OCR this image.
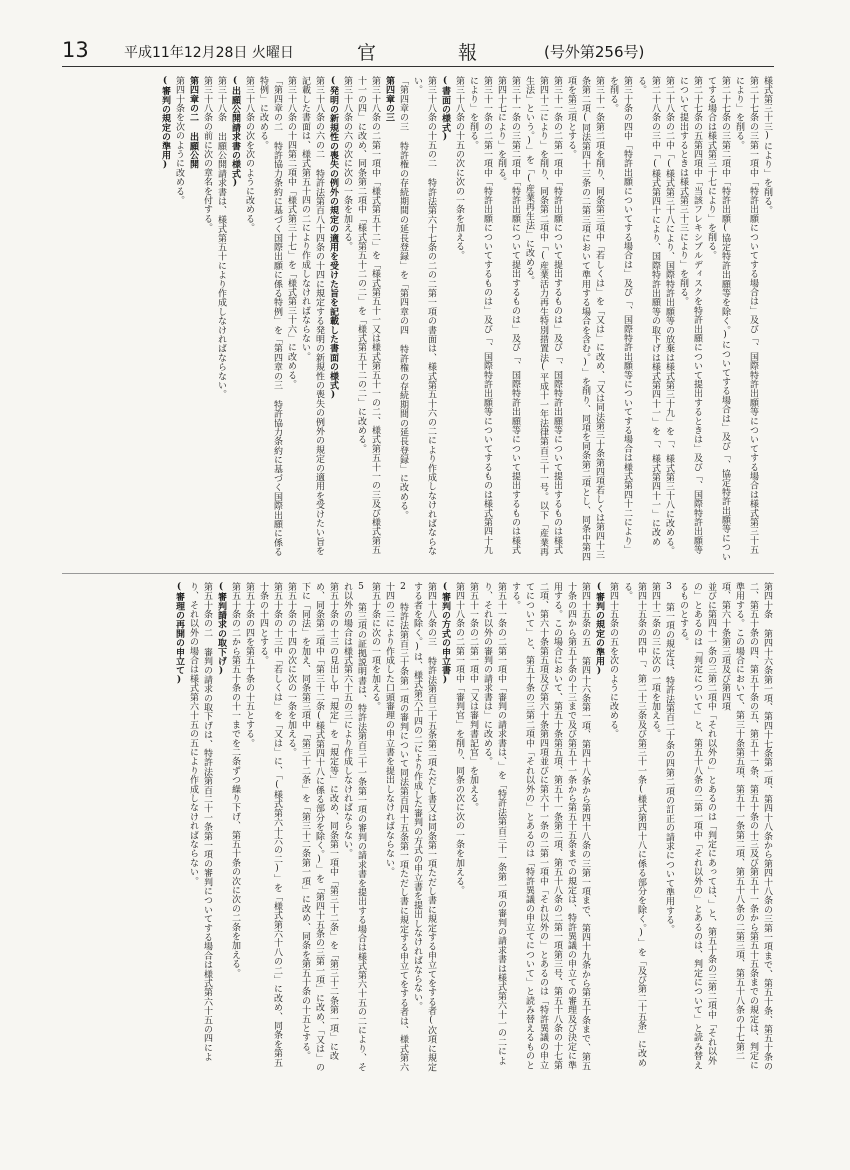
13	平成11年12月28日 火曜日	官 報 (号外第256号)

様式第三十三)により」を削る。

第二十七条の三第一項中「特許出願についてする場合は」及び「、国際特許出願等についてする場合は様式第三十五により」を削る。

第二十七条の三第二項中「特許出願(協定特許出願等を除く。)についてする場合は」及び「、協定特許出願等についてする場合は様式第三十七により」を削る。

第二十七条の五第四項中「当該フレキシブルディスクを特許出願について提出するときは」及び「、国際特許出願等について提出するときは様式第三十三により」を削る。

第二十八条の二中「(様式第三十八により、国際特許出願等の放棄は様式第三十九」を「、様式第三十八に改める。

第二十八条の三中「(様式第四十により、国際特許出願等の取下げは様式第四十一」を「、様式第四十一」に改める。

第三十条の四中「特許出願についてする場合は」及び「、国際特許出願等についてする場合は様式第四十二により」を削る。

第三十一条第二項を削り、同条第三項中「若しくは」を「又は」に改め、「又は同法第三十条第四項若しくは第四十三条第二項(同法第四十三条の二第三項において準用する場合を含む。)」を削り、同項を同条第二項とし、同条中第四項を第三項とする。

第三十一条の二第一項中「特許出願について提出するものは」及び「、国際特許出願等について提出するものは様式第四十二により」を削り、同条第二項中「(産業活力再生特別措置法(平成十一年法律第百三十一号。以下「産業再生法」という。)」を「(産業再生法」に改める。

第三十一条の三第二項中「特許出願について提出するものは」及び「、国際特許出願等について提出するものは様式第四十七により」を削る。

第三十一条の二第一項中「特許出願についてするものは」及び「、国際特許出願等についてするものは様式第四十九により」を削る。

第三十八条の十五の次に次の一条を加える。

(書面の様式)

第三十八条の十五の二 特許法第六十七条の二の二第一項の書面は、様式第五十六の二により作成しなければならない。

「第四章の三 特許権の存続期間の延長登録」を「第四章の四 特許権の存続期間の延長登録」に改める。

第四章の三

第三十八条の二第一項中「様式第五十二」を「様式第五十一又は様式第五十一の二、様式第五十一の三及び様式第五十一の四」に改め、同条第二項中「様式第五十二の二」を「様式第五十二の二」に改める。

第三十八条の六の次に次の一条を加える。

(発明の新規性の喪失の例外の規定の適用を受けた旨を記載した書面の様式)

第三十八条の六の二 特許法第百八十四条の十四に規定する発明の新規性の喪失の例外の規定の適用を受けたい旨を記載した書面は、様式第五十四の二により作成しなければならない。

第三十八条の十四第二項中「様式第三十七」を「様式第三十六」に改める。

「第四章の二 特許協力条約に基づく国際出願に係る特例」を「第四章の三 特許協力条約に基づく国際出願に係る特例」に改める。

第三十八条の次を次のように改める。

(出願公開請求書の様式)

第三十八条 出願公開請求書は、様式第五十により作成しなければならない。

第三十八条の前に次の章名を付する。

第四章の二 出願公開

第四十条を次のように改める。

(審判の規定の準用)

第四十条 第四十六条第一項、第四十七条第一項、第四十八条から第四十八条の三第一項まで、第五十条、第五十条の二、第五十条の四、第五十条の五、第五十一条、第五十条の十三及び第五十一条から第五十五条までの規定は、判定に準用する。この場合において、第三十条第五項、第五十一条第二項、第五十八条の二第三項、第五十八条の十七第二項、第六十条第三項及び第四項

並びに第四十一条の三第二項中「それ以外の」とあるのは「判定にあっては、」と、第五十条の三第二項中「それ以外の」とあるのは「判定について」と、第五十八条の二第一項中「それ以外の」とあるのは、判定について」と読み替えるものとする。

3 第一項の規定は、特許法第百二十条の四第二項の訂正の請求について準用する。

第四十二条の三に次の一項を加える。

第四十五条の四中「、第二十三条及び第三十一条(様式第四十八に係る部分を除く。)」を「及び第二十五条」に改める。

第四十五条の五を次のように改める。

(審判の規定の準用)

第四十五条の五 第四十六条第一項、第四十八条から第四十八条の三第一項まで、第四十九条から第五十条まで、第五十条の四から第五十条の十三まで及び第五十一条から第五十五条までの規定は、特許異議の申立ての審理及び決定に準用する。この場合において、第五十条第五項、第五十一条第二項、第五十八条の二第一項第三号、第五十八条の十七第二項、第六十条第五項及び第六十条第四項並びに第六十一条の二第一項中「それ以外の」とあるのは「特許異議の申立てについて」と、第五十条の三第二項中「それ以外の」とあるのは「特許異議の申立てについて」と読み替えるものとする。

第五十一条の二第一項中「審判の請求書は、」を「特許法第百三十一条第一項の審判の請求書は様式第六十一の二により、それ以外の審判の請求書は」に改める。

第五十一条の二第一項中「又は審判書記官」を加える。

第四十八条の二第一項中「審判官」を削り、同条の次に次の一条を加える。

(審判の方式の申立書)

第四十八条の三 特許法第百三十五条第二項ただし書又は同条第一項ただし書に規定する申立てをする者(次項に規定する者を除く。)は、様式第六十四の二により作成した審判の方式の申立書を提出しなければならない。

2 特許法第百三十条第一項の審判について同法第百四十五条第一項ただし書に規定する申立てをする者は、様式第六十四の二により作成した口頭審理の申立書を提出しなければならない。

第五十条に次の一項を加える。

5 第三項の証拠説明書は、特許法第百三十一条第一項の審判の請求書を提出する場合は様式第六十五の二により、それ以外の場合は様式第六十五の三により作成しなければならない。

第五十条の十三の見出し中「規定」を「規定等」に改め、同条第一項中「第三十二条」を「第三十二条第一項」に改め、同条第二項中「第三十二条(様式第四十八に係る部分を除く。)」を「第四十五条の三第一項」に改め、「又は」の下に「同法」を加え、同条第三項中「第三十二条」を「第三十二条第一項」に改め、同条を第五十条の十五とする。

第五十条の十四の次に次の一条を加える。

第五十条の十三中「若しくは」を「又は」に、「(様式第六十六の二)」を「様式第六十八の二」に改め、同条を第五十条の十四とする。

第五十条の四を第五十条の十五とする。

第五十条の二から第五十条の十一までを二条ずつ繰り下げ、第五十条の次に次の二条を加える。

(審判請求の取下げ)

第五十条の二 審判の請求の取下げは、特許法第百二十一条第一項の審判についてする場合は様式第六十五の四により、それ以外の場合は様式第六十五の五により作成しなければならない。

(審理の再開の申立て)
